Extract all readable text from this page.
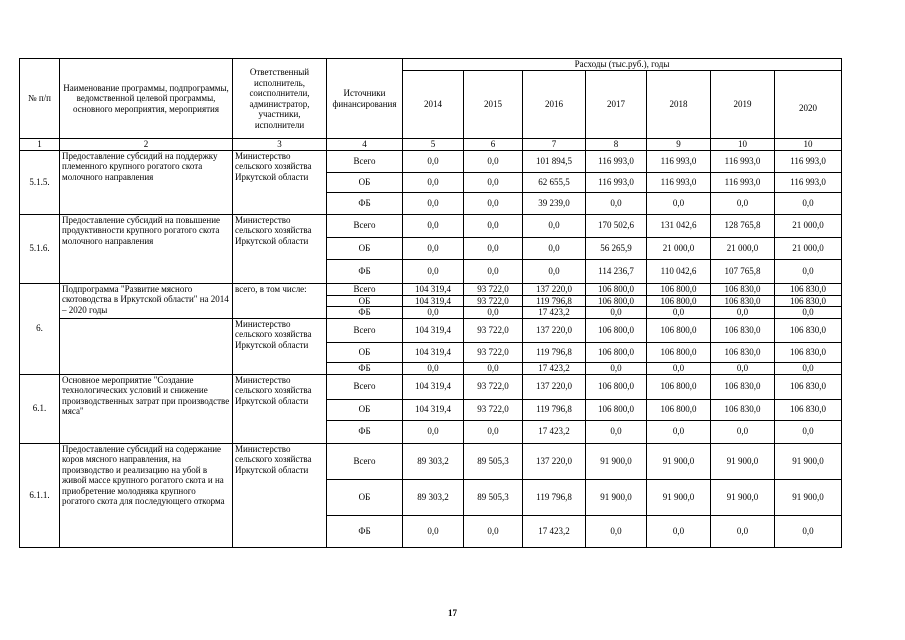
№ п/п	Наименование программы, подпрограммы, ведомственной целевой программы, основного мероприятия, мероприятия	Ответственный исполнитель, соисполнители, администратор, участники, исполнители	Источники финансирования	Расходы (тыс.руб.), годы						
				2014	2015	2016	2017	2018	2019	2020
1	2	3	4	5	6	7	8	9	10	10
5.1.5.	Предоставление субсидий на поддержку племенного крупного рогатого скота молочного направления	Министерство сельского хозяйства Иркутской области	Всего	0,0	0,0	101 894,5	116 993,0	116 993,0	116 993,0	116 993,0
			ОБ	0,0	0,0	62 655,5	116 993,0	116 993,0	116 993,0	116 993,0
			ФБ	0,0	0,0	39 239,0	0,0	0,0	0,0	0,0
5.1.6.	Предоставление субсидий на повышение продуктивности крупного рогатого скота молочного направления	Министерство сельского хозяйства Иркутской области	Всего	0,0	0,0	0,0	170 502,6	131 042,6	128 765,8	21 000,0
			ОБ	0,0	0,0	0,0	56 265,9	21 000,0	21 000,0	21 000,0
			ФБ	0,0	0,0	0,0	114 236,7	110 042,6	107 765,8	0,0
6.	Подпрограмма "Развитие мясного скотоводства в Иркутской области" на 2014 – 2020 годы	всего, в том числе:	Всего	104 319,4	93 722,0	137 220,0	106 800,0	106 800,0	106 830,0	106 830,0
			ОБ	104 319,4	93 722,0	119 796,8	106 800,0	106 800,0	106 830,0	106 830,0
			ФБ	0,0	0,0	17 423,2	0,0	0,0	0,0	0,0
		Министерство сельского хозяйства Иркутской области	Всего	104 319,4	93 722,0	137 220,0	106 800,0	106 800,0	106 830,0	106 830,0
			ОБ	104 319,4	93 722,0	119 796,8	106 800,0	106 800,0	106 830,0	106 830,0
			ФБ	0,0	0,0	17 423,2	0,0	0,0	0,0	0,0
6.1.	Основное мероприятие "Создание технологических условий и снижение производственных затрат при производстве мяса"	Министерство сельского хозяйства Иркутской области	Всего	104 319,4	93 722,0	137 220,0	106 800,0	106 800,0	106 830,0	106 830,0
			ОБ	104 319,4	93 722,0	119 796,8	106 800,0	106 800,0	106 830,0	106 830,0
			ФБ	0,0	0,0	17 423,2	0,0	0,0	0,0	0,0
6.1.1.	Предоставление субсидий на содержание коров мясного направления, на производство и реализацию на убой в живой массе крупного рогатого скота и на приобретение молодняка крупного рогатого скота для последующего откорма	Министерство сельского хозяйства Иркутской области	Всего	89 303,2	89 505,3	137 220,0	91 900,0	91 900,0	91 900,0	91 900,0
			ОБ	89 303,2	89 505,3	119 796,8	91 900,0	91 900,0	91 900,0	91 900,0
			ФБ	0,0	0,0	17 423,2	0,0	0,0	0,0	0,0
17
